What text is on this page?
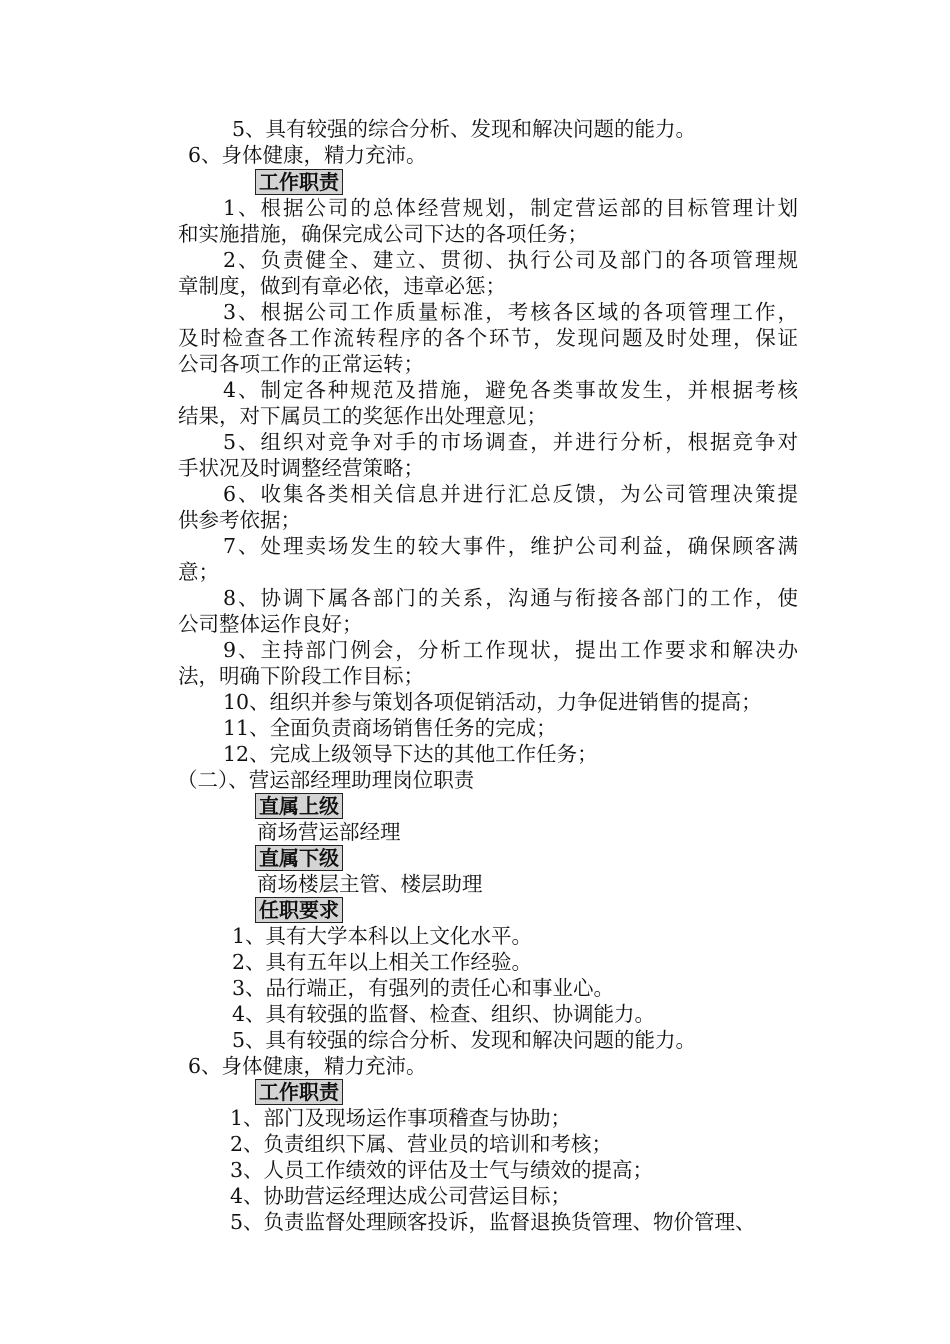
5、具有较强的综合分析、发现和解决问题的能力。
6、身体健康，精力充沛。
工作职责
1、根据公司的总体经营规划，制定营运部的目标管理计划
和实施措施，确保完成公司下达的各项任务；
2、负责健全、建立、贯彻、执行公司及部门的各项管理规
章制度，做到有章必依，违章必惩；
3、根据公司工作质量标准，考核各区域的各项管理工作，
及时检查各工作流转程序的各个环节，发现问题及时处理，保证
公司各项工作的正常运转；
4、制定各种规范及措施，避免各类事故发生，并根据考核
结果，对下属员工的奖惩作出处理意见；
5、组织对竞争对手的市场调查，并进行分析，根据竞争对
手状况及时调整经营策略；
6、收集各类相关信息并进行汇总反馈，为公司管理决策提
供参考依据；
7、处理卖场发生的较大事件，维护公司利益，确保顾客满
意；
8、协调下属各部门的关系，沟通与衔接各部门的工作，使
公司整体运作良好；
9、主持部门例会，分析工作现状，提出工作要求和解决办
法，明确下阶段工作目标；
10、组织并参与策划各项促销活动，力争促进销售的提高；
11、全面负责商场销售任务的完成；
12、完成上级领导下达的其他工作任务；
（二）、营运部经理助理岗位职责
直属上级
商场营运部经理
直属下级
商场楼层主管、楼层助理
任职要求
1、具有大学本科以上文化水平。
2、具有五年以上相关工作经验。
3、品行端正，有强列的责任心和事业心。
4、具有较强的监督、检查、组织、协调能力。
5、具有较强的综合分析、发现和解决问题的能力。
6、身体健康，精力充沛。
工作职责
1、部门及现场运作事项稽查与协助；
2、负责组织下属、营业员的培训和考核；
3、人员工作绩效的评估及士气与绩效的提高；
4、协助营运经理达成公司营运目标；
5、负责监督处理顾客投诉，监督退换货管理、物价管理、
